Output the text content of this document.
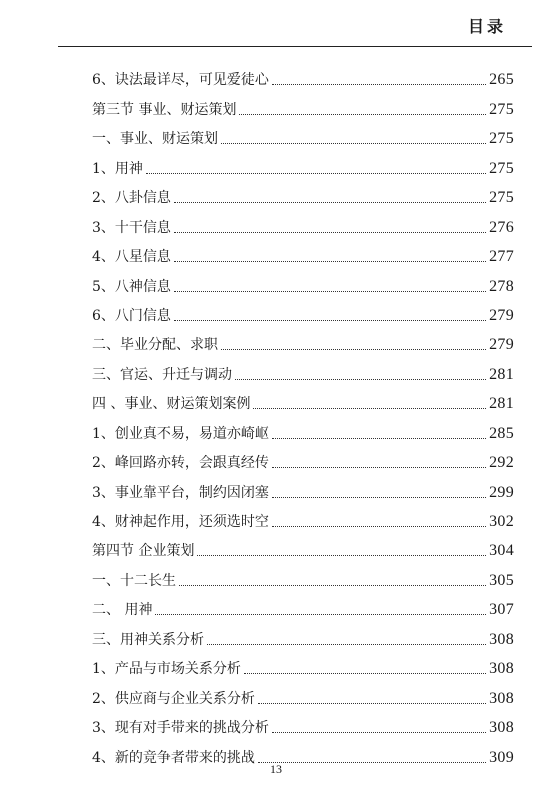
目录
6、诀法最详尽，可见爱徒心	265
第三节 事业、财运策划	275
一、事业、财运策划	275
1、用神	275
2、八卦信息	275
3、十干信息	276
4、八星信息	277
5、八神信息	278
6、八门信息	279
二、毕业分配、求职	279
三、官运、升迁与调动	281
四 、事业、财运策划案例	281
1、创业真不易，易道亦崎岖	285
2、峰回路亦转，会跟真经传	292
3、事业靠平台，制约因闭塞	299
4、财神起作用，还须选时空	302
第四节 企业策划	304
一、十二长生	305
二、 用神	307
三、用神关系分析	308
1、产品与市场关系分析	308
2、供应商与企业关系分析	308
3、现有对手带来的挑战分析	308
4、新的竞争者带来的挑战	309
13
